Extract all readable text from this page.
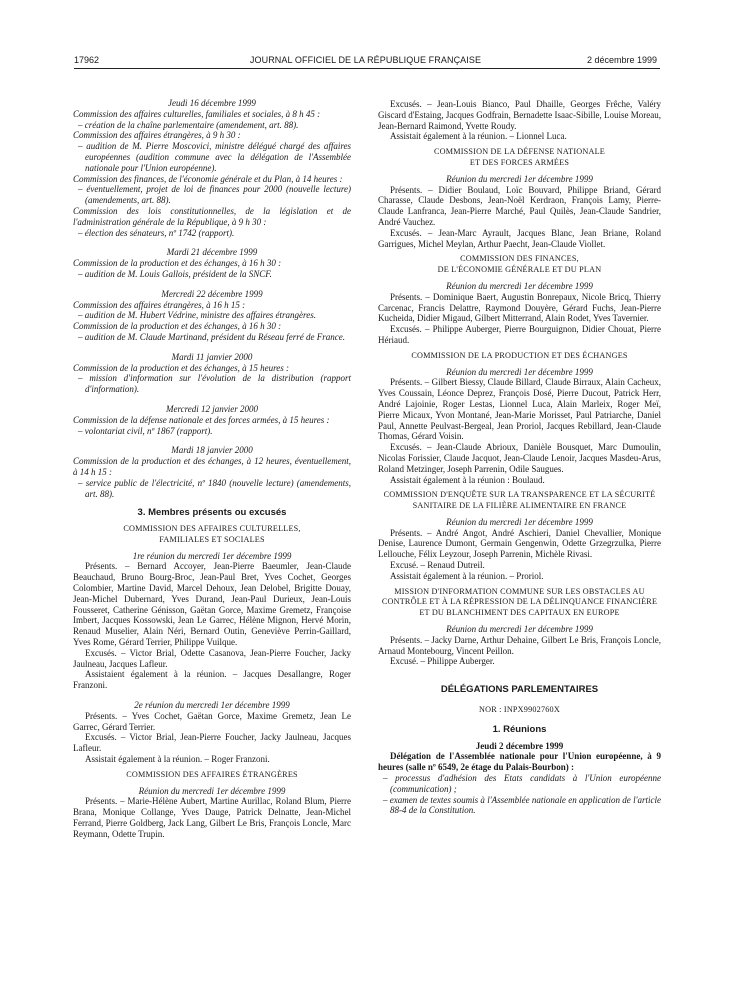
17962	JOURNAL OFFICIEL DE LA RÉPUBLIQUE FRANÇAISE	2 décembre 1999
Jeudi 16 décembre 1999
Commission des affaires culturelles, familiales et sociales, à 8 h 45 :
– création de la chaîne parlementaire (amendement, art. 88).
Commission des affaires étrangères, à 9 h 30 :
– audition de M. Pierre Moscovici, ministre délégué chargé des affaires européennes (audition commune avec la délégation de l'Assemblée nationale pour l'Union européenne).
Commission des finances, de l'économie générale et du Plan, à 14 heures :
– éventuellement, projet de loi de finances pour 2000 (nouvelle lecture) (amendements, art. 88).
Commission des lois constitutionnelles, de la législation et de l'administration générale de la République, à 9 h 30 :
– élection des sénateurs, nº 1742 (rapport).
Mardi 21 décembre 1999
Commission de la production et des échanges, à 16 h 30 :
– audition de M. Louis Gallois, président de la SNCF.
Mercredi 22 décembre 1999
Commission des affaires étrangères, à 16 h 15 :
– audition de M. Hubert Védrine, ministre des affaires étrangères.
Commission de la production et des échanges, à 16 h 30 :
– audition de M. Claude Martinand, président du Réseau ferré de France.
Mardi 11 janvier 2000
Commission de la production et des échanges, à 15 heures :
– mission d'information sur l'évolution de la distribution (rapport d'information).
Mercredi 12 janvier 2000
Commission de la défense nationale et des forces armées, à 15 heures :
– volontariat civil, nº 1867 (rapport).
Mardi 18 janvier 2000
Commission de la production et des échanges, à 12 heures, éventuellement, à 14 h 15 :
– service public de l'électricité, nº 1840 (nouvelle lecture) (amendements, art. 88).
3. Membres présents ou excusés
COMMISSION DES AFFAIRES CULTURELLES,
FAMILIALES ET SOCIALES
1re réunion du mercredi 1er décembre 1999
Présents. – Bernard Accoyer, Jean-Pierre Baeumler, Jean-Claude Beauchaud, Bruno Bourg-Broc, Jean-Paul Bret, Yves Cochet, Georges Colombier, Martine David, Marcel Dehoux, Jean Delobel, Brigitte Douay, Jean-Michel Dubernard, Yves Durand, Jean-Paul Durieux, Jean-Louis Fousseret, Catherine Génisson, Gaëtan Gorce, Maxime Gremetz, Françoise Imbert, Jacques Kossowski, Jean Le Garrec, Hélène Mignon, Hervé Morin, Renaud Muselier, Alain Néri, Bernard Outin, Geneviève Perrin-Gaillard, Yves Rome, Gérard Terrier, Philippe Vuilque.
Excusés. – Victor Brial, Odette Casanova, Jean-Pierre Foucher, Jacky Jaulneau, Jacques Lafleur.
Assistaient également à la réunion. – Jacques Desallangre, Roger Franzoni.
2e réunion du mercredi 1er décembre 1999
Présents. – Yves Cochet, Gaëtan Gorce, Maxime Gremetz, Jean Le Garrec, Gérard Terrier.
Excusés. – Victor Brial, Jean-Pierre Foucher, Jacky Jaulneau, Jacques Lafleur.
Assistait également à la réunion. – Roger Franzoni.
COMMISSION DES AFFAIRES ÉTRANGÈRES
Réunion du mercredi 1er décembre 1999
Présents. – Marie-Hélène Aubert, Martine Aurillac, Roland Blum, Pierre Brana, Monique Collange, Yves Dauge, Patrick Delnatte, Jean-Michel Ferrand, Pierre Goldberg, Jack Lang, Gilbert Le Bris, François Loncle, Marc Reymann, Odette Trupin.
Excusés. – Jean-Louis Bianco, Paul Dhaille, Georges Frêche, Valéry Giscard d'Estaing, Jacques Godfrain, Bernadette Isaac-Sibille, Louise Moreau, Jean-Bernard Raimond, Yvette Roudy.
Assistait également à la réunion. – Lionnel Luca.
COMMISSION DE LA DÉFENSE NATIONALE
ET DES FORCES ARMÉES
Réunion du mercredi 1er décembre 1999
Présents. – Didier Boulaud, Loïc Bouvard, Philippe Briand, Gérard Charasse, Claude Desbons, Jean-Noël Kerdraon, François Lamy, Pierre-Claude Lanfranca, Jean-Pierre Marché, Paul Quilès, Jean-Claude Sandrier, André Vauchez.
Excusés. – Jean-Marc Ayrault, Jacques Blanc, Jean Briane, Roland Garrigues, Michel Meylan, Arthur Paecht, Jean-Claude Viollet.
COMMISSION DES FINANCES,
DE L'ÉCONOMIE GÉNÉRALE ET DU PLAN
Réunion du mercredi 1er décembre 1999
Présents. – Dominique Baert, Augustin Bonrepaux, Nicole Bricq, Thierry Carcenac, Francis Delattre, Raymond Douyère, Gérard Fuchs, Jean-Pierre Kucheida, Didier Migaud, Gilbert Mitterrand, Alain Rodet, Yves Tavernier.
Excusés. – Philippe Auberger, Pierre Bourguignon, Didier Chouat, Pierre Hériaud.
COMMISSION DE LA PRODUCTION ET DES ÉCHANGES
Réunion du mercredi 1er décembre 1999
Présents. – Gilbert Biessy, Claude Billard, Claude Birraux, Alain Cacheux, Yves Coussain, Léonce Deprez, François Dosé, Pierre Ducout, Patrick Herr, André Lajoinie, Roger Lestas, Lionnel Luca, Alain Marleix, Roger Meï, Pierre Micaux, Yvon Montané, Jean-Marie Morisset, Paul Patriarche, Daniel Paul, Annette Peulvast-Bergeal, Jean Proriol, Jacques Rebillard, Jean-Claude Thomas, Gérard Voisin.
Excusés. – Jean-Claude Abrioux, Danièle Bousquet, Marc Dumoulin, Nicolas Forissier, Claude Jacquot, Jean-Claude Lenoir, Jacques Masdeu-Arus, Roland Metzinger, Joseph Parrenin, Odile Saugues.
Assistait également à la réunion : Boulaud.
COMMISSION D'ENQUÊTE SUR LA TRANSPARENCE ET LA SÉCURITÉ SANITAIRE DE LA FILIÈRE ALIMENTAIRE EN FRANCE
Réunion du mercredi 1er décembre 1999
Présents. – André Angot, André Aschieri, Daniel Chevallier, Monique Denise, Laurence Dumont, Germain Gengenwin, Odette Grzegrzulka, Pierre Lellouche, Félix Leyzour, Joseph Parrenin, Michèle Rivasi.
Excusé. – Renaud Dutreil.
Assistait également à la réunion. – Proriol.
MISSION D'INFORMATION COMMUNE SUR LES OBSTACLES AU CONTRÔLE ET À LA RÉPRESSION DE LA DÉLINQUANCE FINANCIÈRE ET DU BLANCHIMENT DES CAPITAUX EN EUROPE
Réunion du mercredi 1er décembre 1999
Présents. – Jacky Darne, Arthur Dehaine, Gilbert Le Bris, François Loncle, Arnaud Montebourg, Vincent Peillon.
Excusé. – Philippe Auberger.
DÉLÉGATIONS PARLEMENTAIRES
NOR : INPX9902760X
1. Réunions
Jeudi 2 décembre 1999
Délégation de l'Assemblée nationale pour l'Union européenne, à 9 heures (salle nº 6549, 2e étage du Palais-Bourbon) :
– processus d'adhésion des Etats candidats à l'Union européenne (communication) ;
– examen de textes soumis à l'Assemblée nationale en application de l'article 88-4 de la Constitution.
